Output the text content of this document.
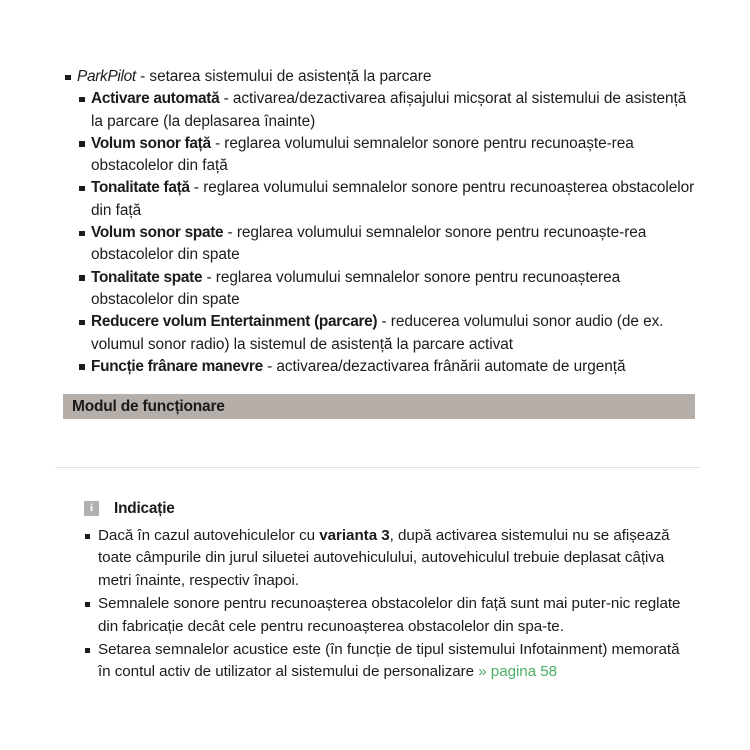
ParkPilot - setarea sistemului de asistență la parcare
Activare automată - activarea/dezactivarea afișajului micșorat al sistemului de asistență la parcare (la deplasarea înainte)
Volum sonor față - reglarea volumului semnalelor sonore pentru recunoaște-rea obstacolelor din față
Tonalitate față - reglarea volumului semnalelor sonore pentru recunoașterea obstacolelor din față
Volum sonor spate - reglarea volumului semnalelor sonore pentru recunoaște-rea obstacolelor din spate
Tonalitate spate - reglarea volumului semnalelor sonore pentru recunoașterea obstacolelor din spate
Reducere volum Entertainment (parcare) - reducerea volumului sonor audio (de ex. volumul sonor radio) la sistemul de asistență la parcare activat
Funcție frânare manevre - activarea/dezactivarea frânării automate de urgență
Modul de funcționare
i	Indicație
Dacă în cazul autovehiculelor cu varianta 3, după activarea sistemului nu se afișează toate câmpurile din jurul siluetei autovehiculului, autovehiculul trebuie deplasat câțiva metri înainte, respectiv înapoi.
Semnalele sonore pentru recunoașterea obstacolelor din față sunt mai puter-nic reglate din fabricație decât cele pentru recunoașterea obstacolelor din spa-te.
Setarea semnalelor acustice este (în funcție de tipul sistemului Infotainment) memorată în contul activ de utilizator al sistemului de personalizare » pagina 58
